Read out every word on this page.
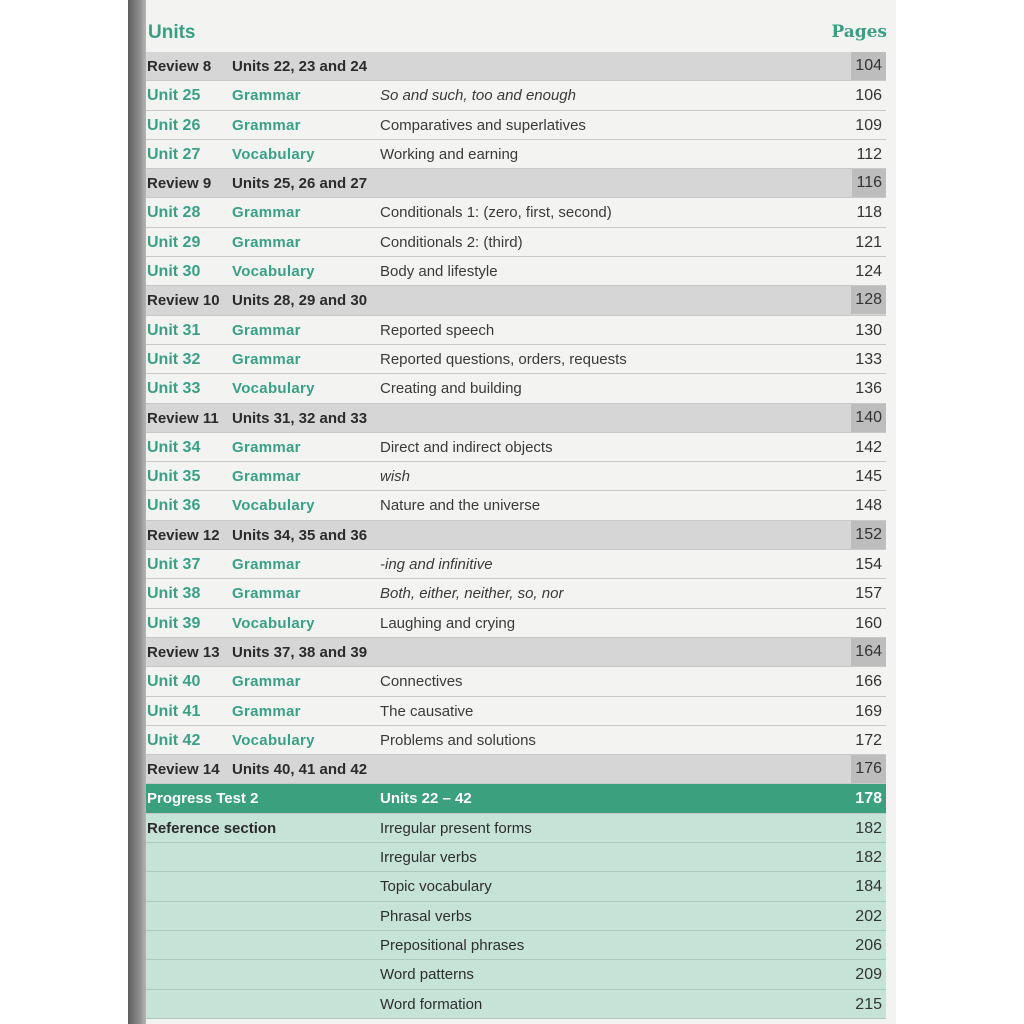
Units	Pages
Review 8 Units 22, 23 and 24	104
Unit 25 Grammar	So and such, too and enough	106
Unit 26 Grammar	Comparatives and superlatives	109
Unit 27 Vocabulary	Working and earning	112
Review 9 Units 25, 26 and 27	116
Unit 28 Grammar	Conditionals 1: (zero, first, second)	118
Unit 29 Grammar	Conditionals 2: (third)	121
Unit 30 Vocabulary	Body and lifestyle	124
Review 10 Units 28, 29 and 30	128
Unit 31 Grammar	Reported speech	130
Unit 32 Grammar	Reported questions, orders, requests	133
Unit 33 Vocabulary	Creating and building	136
Review 11 Units 31, 32 and 33	140
Unit 34 Grammar	Direct and indirect objects	142
Unit 35 Grammar	wish	145
Unit 36 Vocabulary	Nature and the universe	148
Review 12 Units 34, 35 and 36	152
Unit 37 Grammar	-ing and infinitive	154
Unit 38 Grammar	Both, either, neither, so, nor	157
Unit 39 Vocabulary	Laughing and crying	160
Review 13 Units 37, 38 and 39	164
Unit 40 Grammar	Connectives	166
Unit 41 Grammar	The causative	169
Unit 42 Vocabulary	Problems and solutions	172
Review 14 Units 40, 41 and 42	176
Progress Test 2	Units 22 – 42	178
Reference section	Irregular present forms	182
Irregular verbs	182
Topic vocabulary	184
Phrasal verbs	202
Prepositional phrases	206
Word patterns	209
Word formation	215
